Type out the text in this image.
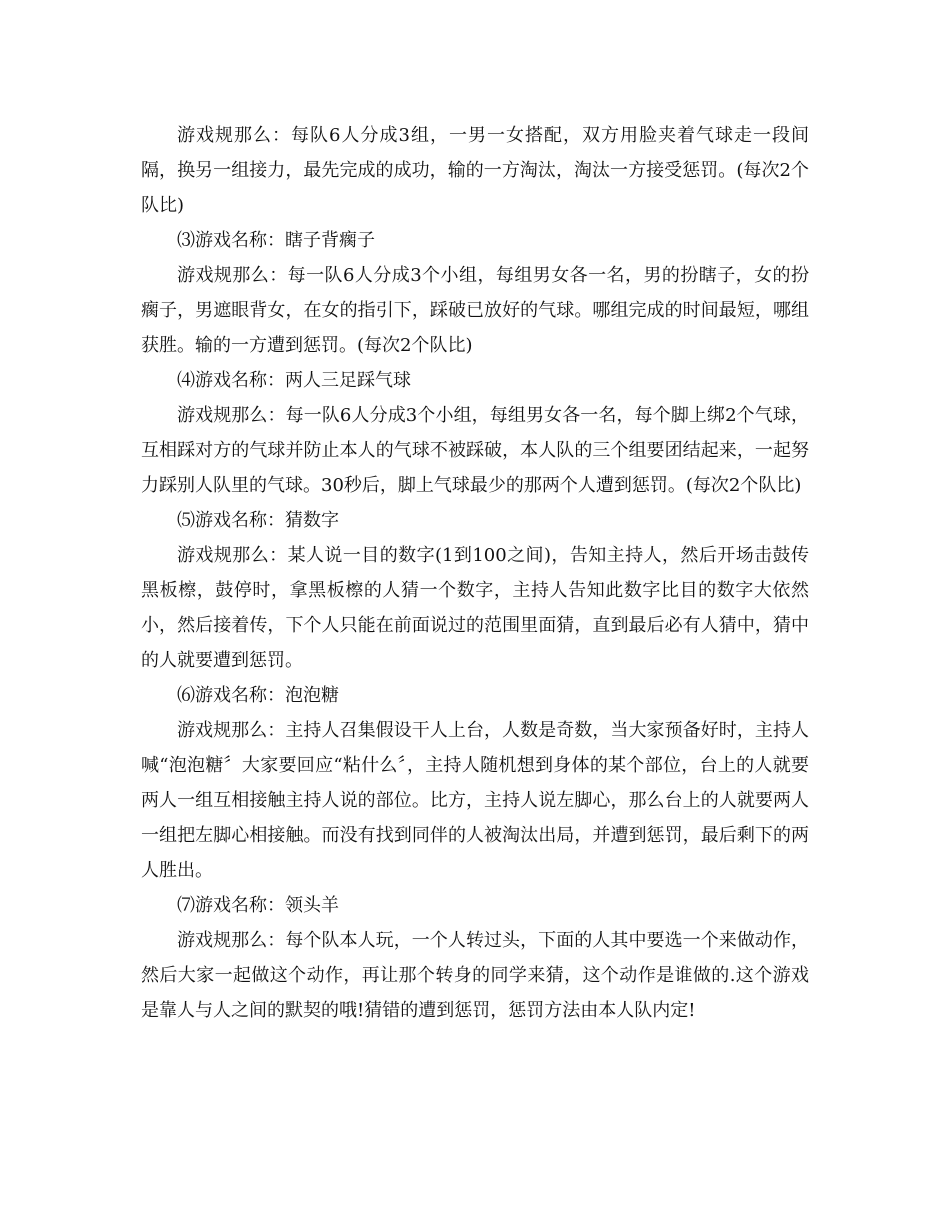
游戏规那么：每队6人分成3组，一男一女搭配，双方用脸夹着气球走一段间隔，换另一组接力，最先完成的成功，输的一方淘汰，淘汰一方接受惩罚。(每次2个队比)

⑶游戏名称：瞎子背瘸子

游戏规那么：每一队6人分成3个小组，每组男女各一名，男的扮瞎子，女的扮瘸子，男遮眼背女，在女的指引下，踩破已放好的气球。哪组完成的时间最短，哪组获胜。输的一方遭到惩罚。(每次2个队比)

⑷游戏名称：两人三足踩气球

游戏规那么：每一队6人分成3个小组，每组男女各一名，每个脚上绑2个气球，互相踩对方的气球并防止本人的气球不被踩破，本人队的三个组要团结起来，一起努力踩别人队里的气球。30秒后，脚上气球最少的那两个人遭到惩罚。(每次2个队比)

⑸游戏名称：猜数字

游戏规那么：某人说一目的数字(1到100之间)，告知主持人，然后开场击鼓传黑板檫，鼓停时，拿黑板檫的人猜一个数字，主持人告知此数字比目的数字大依然小，然后接着传，下个人只能在前面说过的范围里面猜，直到最后必有人猜中，猜中的人就要遭到惩罚。

⑹游戏名称：泡泡糖

游戏规那么：主持人召集假设干人上台，人数是奇数，当大家预备好时，主持人喊“泡泡糖〞大家要回应“粘什么〞，主持人随机想到身体的某个部位，台上的人就要两人一组互相接触主持人说的部位。比方，主持人说左脚心，那么台上的人就要两人一组把左脚心相接触。而没有找到同伴的人被淘汰出局，并遭到惩罚，最后剩下的两人胜出。

⑺游戏名称：领头羊

游戏规那么：每个队本人玩，一个人转过头，下面的人其中要选一个来做动作，然后大家一起做这个动作，再让那个转身的同学来猜，这个动作是谁做的.这个游戏是靠人与人之间的默契的哦!猜错的遭到惩罚，惩罚方法由本人队内定!
